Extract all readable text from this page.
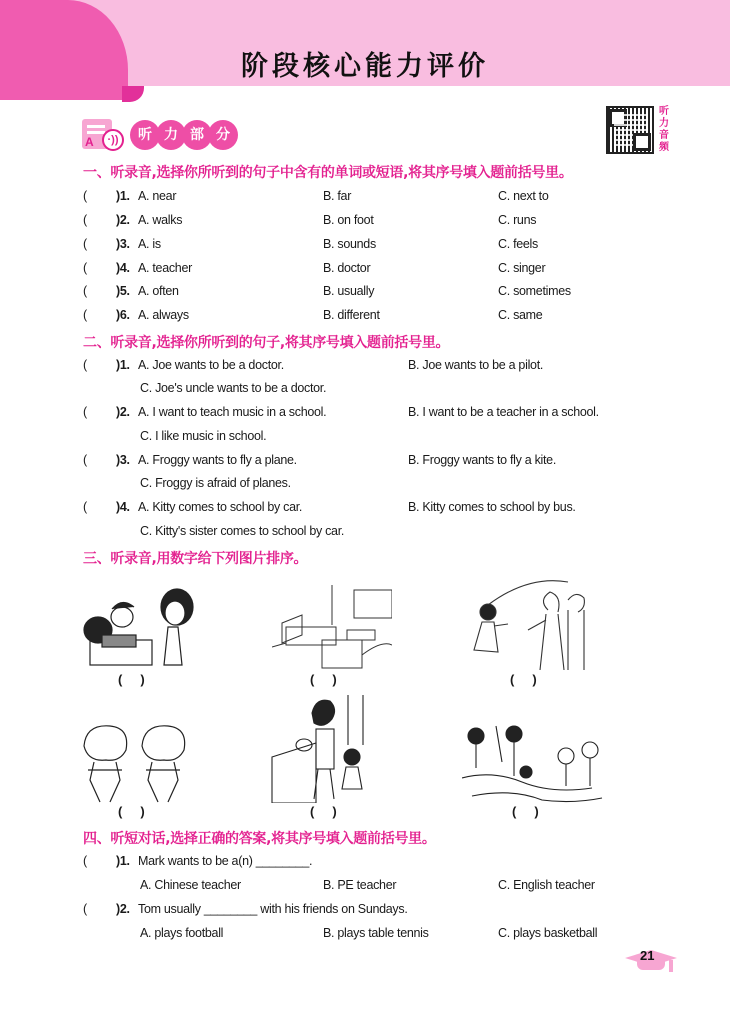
阶段核心能力评价
A	·))	听 力 部 分
听力音频
一、听录音,选择你所听到的句子中含有的单词或短语,将其序号填入题前括号里。
( )1. A. near	B. far	C. next to
( )2. A. walks	B. on foot	C. runs
( )3. A. is	B. sounds	C. feels
( )4. A. teacher	B. doctor	C. singer
( )5. A. often	B. usually	C. sometimes
( )6. A. always	B. different	C. same
二、听录音,选择你所听到的句子,将其序号填入题前括号里。
( )1. A. Joe wants to be a doctor.	B. Joe wants to be a pilot.
C. Joe's uncle wants to be a doctor.
( )2. A. I want to teach music in a school.	B. I want to be a teacher in a school.
C. I like music in school.
( )3. A. Froggy wants to fly a plane.	B. Froggy wants to fly a kite.
C. Froggy is afraid of planes.
( )4. A. Kitty comes to school by car.	B. Kitty comes to school by bus.
C. Kitty's sister comes to school by car.
三、听录音,用数字给下列图片排序。
(     )	(     )	(     )
(     )	(     )	(     )
四、听短对话,选择正确的答案,将其序号填入题前括号里。
( )1. Mark wants to be a(n) ________.
A. Chinese teacher	B. PE teacher	C. English teacher
( )2. Tom usually ________ with his friends on Sundays.
A. plays football	B. plays table tennis	C. plays basketball
21
